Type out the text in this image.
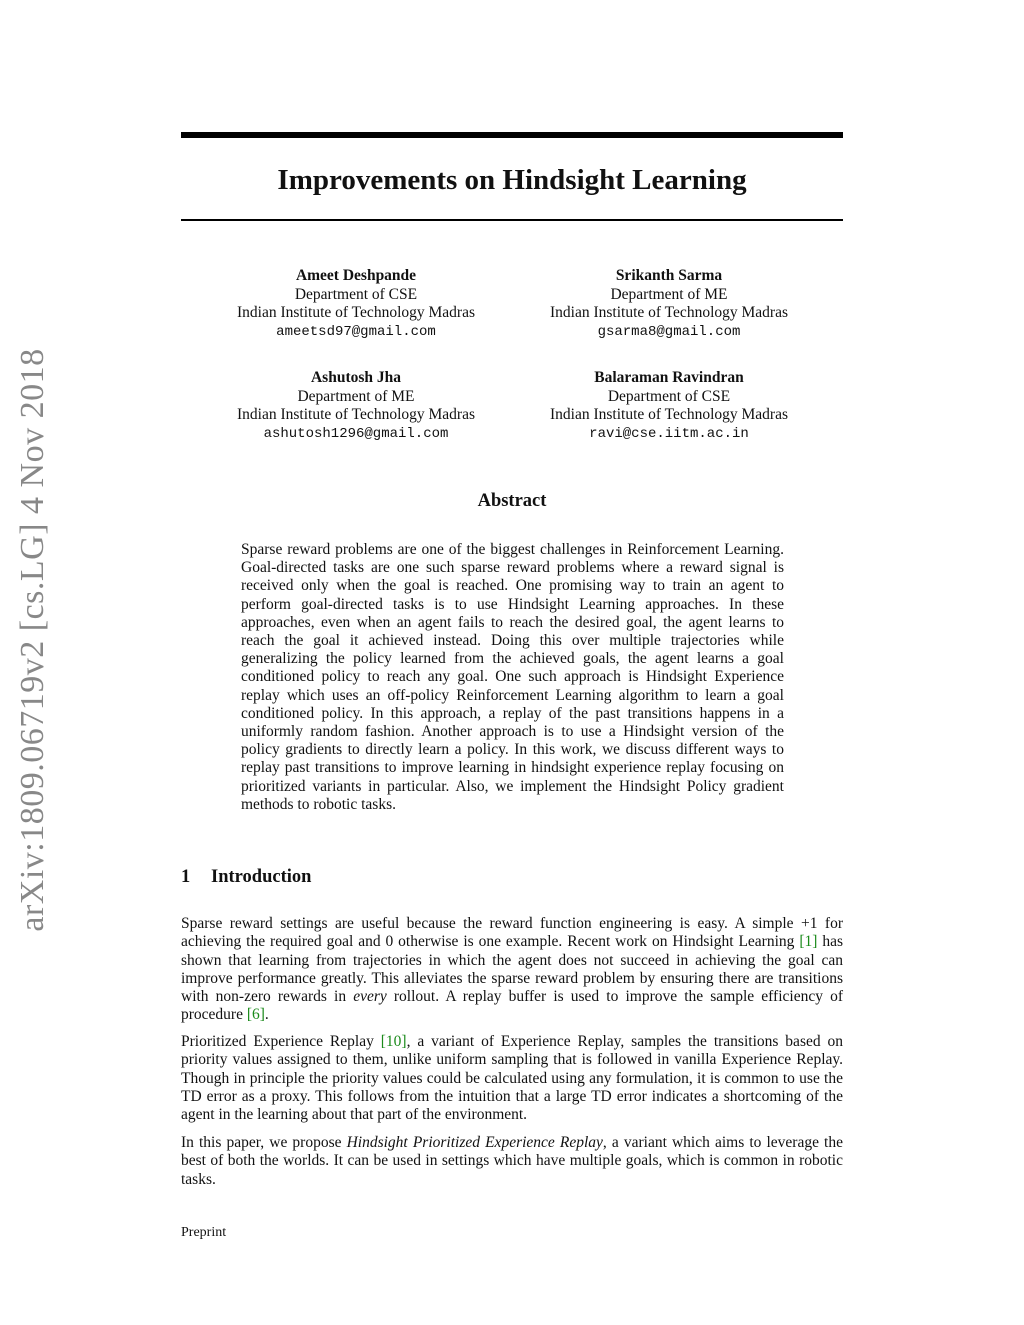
arXiv:1809.06719v2 [cs.LG] 4 Nov 2018
Improvements on Hindsight Learning
Ameet Deshpande
Department of CSE
Indian Institute of Technology Madras
ameetsd97@gmail.com
Srikanth Sarma
Department of ME
Indian Institute of Technology Madras
gsarma8@gmail.com
Ashutosh Jha
Department of ME
Indian Institute of Technology Madras
ashutosh1296@gmail.com
Balaraman Ravindran
Department of CSE
Indian Institute of Technology Madras
ravi@cse.iitm.ac.in
Abstract

Sparse reward problems are one of the biggest challenges in Reinforcement Learning. Goal-directed tasks are one such sparse reward problems where a reward signal is received only when the goal is reached. One promising way to train an agent to perform goal-directed tasks is to use Hindsight Learning approaches. In these approaches, even when an agent fails to reach the desired goal, the agent learns to reach the goal it achieved instead. Doing this over multiple trajectories while generalizing the policy learned from the achieved goals, the agent learns a goal conditioned policy to reach any goal. One such approach is Hindsight Experience replay which uses an off-policy Reinforcement Learning algorithm to learn a goal conditioned policy. In this approach, a replay of the past transitions happens in a uniformly random fashion. Another approach is to use a Hindsight version of the policy gradients to directly learn a policy. In this work, we discuss different ways to replay past transitions to improve learning in hindsight experience replay focusing on prioritized variants in particular. Also, we implement the Hindsight Policy gradient methods to robotic tasks.

1 Introduction

Sparse reward settings are useful because the reward function engineering is easy. A simple +1 for achieving the required goal and 0 otherwise is one example. Recent work on Hindsight Learning [1] has shown that learning from trajectories in which the agent does not succeed in achieving the goal can improve performance greatly. This alleviates the sparse reward problem by ensuring there are transitions with non-zero rewards in every rollout. A replay buffer is used to improve the sample efficiency of procedure [6].

Prioritized Experience Replay [10], a variant of Experience Replay, samples the transitions based on priority values assigned to them, unlike uniform sampling that is followed in vanilla Experience Replay. Though in principle the priority values could be calculated using any formulation, it is common to use the TD error as a proxy. This follows from the intuition that a large TD error indicates a shortcoming of the agent in the learning about that part of the environment.

In this paper, we propose Hindsight Prioritized Experience Replay, a variant which aims to leverage the best of both the worlds. It can be used in settings which have multiple goals, which is common in robotic tasks.

Preprint
